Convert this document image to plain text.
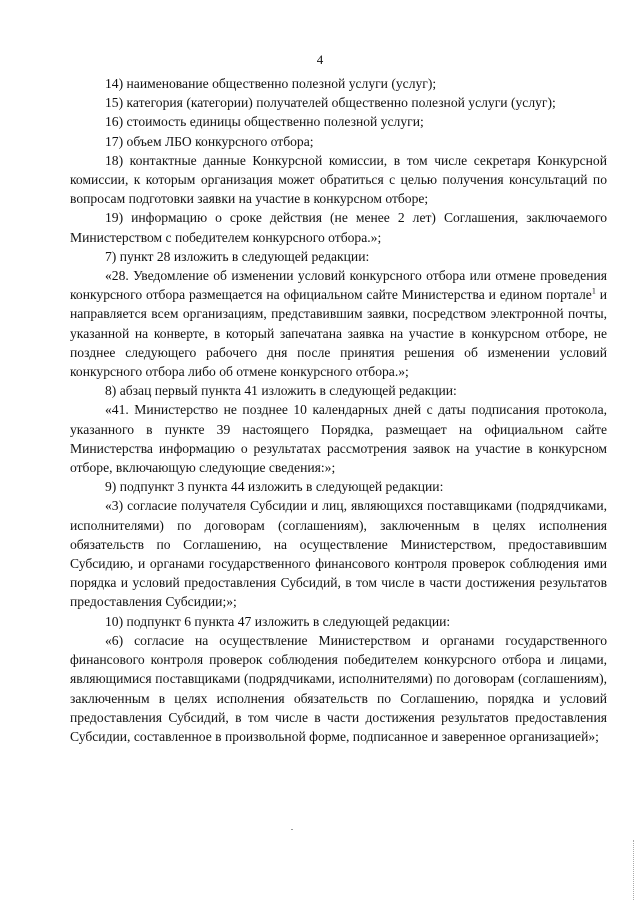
4

14) наименование общественно полезной услуги (услуг);

15) категория (категории) получателей общественно полезной услуги (услуг);

16) стоимость единицы общественно полезной услуги;

17) объем ЛБО конкурсного отбора;

18) контактные данные Конкурсной комиссии, в том числе секретаря Конкурсной комиссии, к которым организация может обратиться с целью получения консультаций по вопросам подготовки заявки на участие в конкурсном отборе;

19) информацию о сроке действия (не менее 2 лет) Соглашения, заключаемого Министерством с победителем конкурсного отбора.»;

7) пункт 28 изложить в следующей редакции:

«28. Уведомление об изменении условий конкурсного отбора или отмене проведения конкурсного отбора размещается на официальном сайте Министерства и едином портале$^1$ и направляется всем организациям, представившим заявки, посредством электронной почты, указанной на конверте, в который запечатана заявка на участие в конкурсном отборе, не позднее следующего рабочего дня после принятия решения об изменении условий конкурсного отбора либо об отмене конкурсного отбора.»;

8) абзац первый пункта 41 изложить в следующей редакции:

«41. Министерство не позднее 10 календарных дней с даты подписания протокола, указанного в пункте 39 настоящего Порядка, размещает на официальном сайте Министерства информацию о результатах рассмотрения заявок на участие в конкурсном отборе, включающую следующие сведения:»;

9) подпункт 3 пункта 44 изложить в следующей редакции:

«3) согласие получателя Субсидии и лиц, являющихся поставщиками (подрядчиками, исполнителями) по договорам (соглашениям), заключенным в целях исполнения обязательств по Соглашению, на осуществление Министерством, предоставившим Субсидию, и органами государственного финансового контроля проверок соблюдения ими порядка и условий предоставления Субсидий, в том числе в части достижения результатов предоставления Субсидии;»;

10) подпункт 6 пункта 47 изложить в следующей редакции:

«6) согласие на осуществление Министерством и органами государственного финансового контроля проверок соблюдения победителем конкурсного отбора и лицами, являющимися поставщиками (подрядчиками, исполнителями) по договорам (соглашениям), заключенным в целях исполнения обязательств по Соглашению, порядка и условий предоставления Субсидий, в том числе в части достижения результатов предоставления Субсидии, составленное в произвольной форме, подписанное и заверенное организацией»;
